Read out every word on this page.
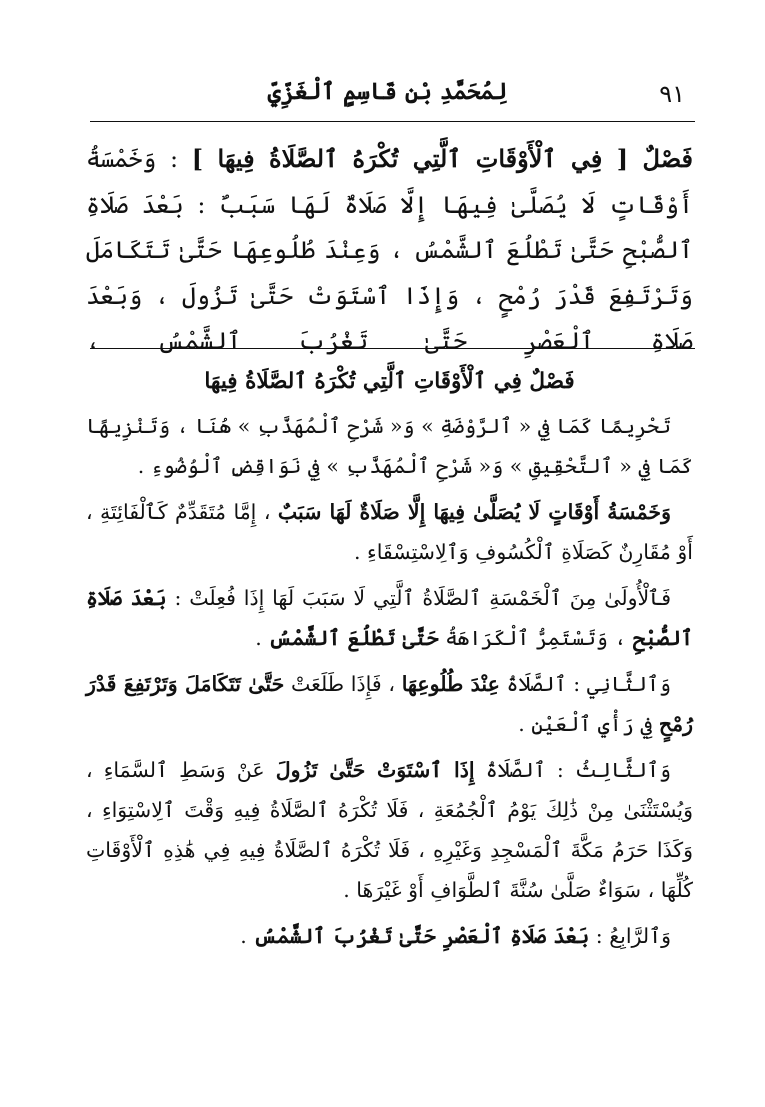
٩١
لِمُحَمَّدِ بْنِ قَاسِمٍ ٱلْغَزِّيِّ

فَصْلٌ [ فِي ٱلْأَوْقَاتِ ٱلَّتِي تُكْرَهُ ٱلصَّلَاةُ فِيهَا ] : وَخَمْسَةُ أَوْقَاتٍ لَا يُصَلَّىٰ فِيهَا إِلَّا صَلَاةٌ لَهَا سَبَبٌ : بَعْدَ صَلَاةِ ٱلصُّبْحِ حَتَّىٰ تَطْلُعَ ٱلشَّمْسُ ، وَعِنْدَ طُلُوعِهَا حَتَّىٰ تَتَكَامَلَ وَتَرْتَفِعَ قَدْرَ رُمْحٍ ، وَإِذَا ٱسْتَوَتْ حَتَّىٰ تَزُولَ ، وَبَعْدَ صَلَاةِ ٱلْعَصْرِ حَتَّىٰ تَغْرُبَ ٱلشَّمْسُ ،

فَصْلٌ فِي ٱلْأَوْقَاتِ ٱلَّتِي تُكْرَهُ ٱلصَّلَاةُ فِيهَا

تَحْرِيمًا كَمَا فِي « ٱلرَّوْضَةِ » وَ« شَرْحِ ٱلْمُهَذَّبِ » هُنَا ، وَتَنْزِيهًا كَمَا فِي « ٱلتَّحْقِيقِ » وَ« شَرْحِ ٱلْمُهَذَّبِ » فِي نَوَاقِضِ ٱلْوُضُوءِ .

وَخَمْسَةُ أَوْقَاتٍ لَا يُصَلَّىٰ فِيهَا إِلَّا صَلَاةٌ لَهَا سَبَبٌ ، إِمَّا مُتَقَدِّمٌ كَٱلْفَائِتَةِ ، أَوْ مُقَارِنٌ كَصَلَاةِ ٱلْكُسُوفِ وَٱلِاسْتِسْقَاءِ .

فَٱلْأُولَىٰ مِنَ ٱلْخَمْسَةِ ٱلصَّلَاةُ ٱلَّتِي لَا سَبَبَ لَهَا إِذَا فُعِلَتْ : بَعْدَ صَلَاةِ ٱلصُّبْحِ ، وَتَسْتَمِرُّ ٱلْكَرَاهَةُ حَتَّىٰ تَطْلُعَ ٱلشَّمْسُ .

وَٱلثَّانِي : ٱلصَّلَاةُ عِنْدَ طُلُوعِهَا ، فَإِذَا طَلَعَتْ حَتَّىٰ تَتَكَامَلَ وَتَرْتَفِعَ قَدْرَ رُمْحٍ فِي رَأْيِ ٱلْعَيْنِ .

وَٱلثَّالِثُ : ٱلصَّلَاةُ إِذَا ٱسْتَوَتْ حَتَّىٰ تَزُولَ عَنْ وَسَطِ ٱلسَّمَاءِ ، وَيُسْتَثْنَىٰ مِنْ ذَٰلِكَ يَوْمُ ٱلْجُمُعَةِ ، فَلَا تُكْرَهُ ٱلصَّلَاةُ فِيهِ وَقْتَ ٱلِاسْتِوَاءِ ، وَكَذَا حَرَمُ مَكَّةَ ٱلْمَسْجِدِ وَغَيْرِهِ ، فَلَا تُكْرَهُ ٱلصَّلَاةُ فِيهِ فِي هَٰذِهِ ٱلْأَوْقَاتِ كُلِّهَا ، سَوَاءٌ صَلَّىٰ سُنَّةَ ٱلطَّوَافِ أَوْ غَيْرَهَا .

وَٱلرَّابِعُ : بَعْدَ صَلَاةِ ٱلْعَصْرِ حَتَّىٰ تَغْرُبَ ٱلشَّمْسُ .
